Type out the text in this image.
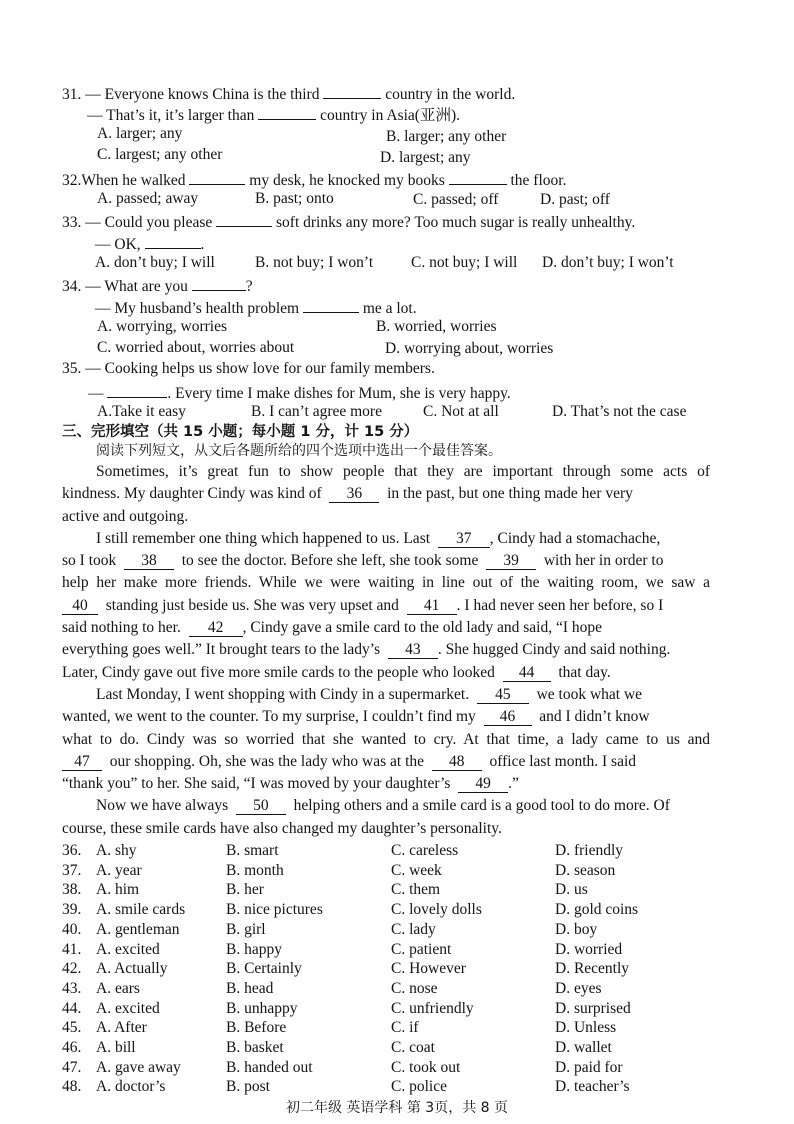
31. — Everyone knows China is the third	country in the world.
— That’s it, it’s larger than	country in Asia(亚洲).
A. larger; any	B. larger; any other
C. largest; any other	D. largest; any
32.When he walked	my desk, he knocked my books	the floor.
A. passed; away	B. past; onto	C. passed; off	D. past; off
33. — Could you please	soft drinks any more? Too much sugar is really unhealthy.
— OK,	.
A. don’t buy; I will	B. not buy; I won’t C. not buy; I will D. don’t buy; I won’t
34. — What are you	?
— My husband’s health problem	me a lot.
A. worrying, worries	B. worried, worries
C. worried about, worries about	D. worrying about, worries
35. — Cooking helps us show love for our family members.
—	. Every time I make dishes for Mum, she is very happy.
A.Take it easy	B. I can’t agree more	C. Not at all	D. That’s not the case
三、完形填空（共 15 小题；每小题 1 分，计 15 分）
阅读下列短文，从文后各题所给的四个选项中选出一个最佳答案。
Sometimes, it’s great fun to show people that they are important through some acts of
kindness. My daughter Cindy was kind of 36 in the past, but one thing made her very
active and outgoing.
I still remember one thing which happened to us. Last 37 , Cindy had a stomachache,
so I took 38 to see the doctor. Before she left, she took some 39 with her in order to
help her make more friends. While we were waiting in line out of the waiting room, we saw a
40 standing just beside us. She was very upset and 41 . I had never seen her before, so I
said nothing to her. 42 , Cindy gave a smile card to the old lady and said, “I hope
everything goes well.” It brought tears to the lady’s 43 . She hugged Cindy and said nothing.
Later, Cindy gave out five more smile cards to the people who looked 44 that day.
Last Monday, I went shopping with Cindy in a supermarket. 45 we took what we
wanted, we went to the counter. To my surprise, I couldn’t find my 46 and I didn’t know
what to do. Cindy was so worried that she wanted to cry. At that time, a lady came to us and
47 our shopping. Oh, she was the lady who was at the 48 office last month. I said
“thank you” to her. She said, “I was moved by your daughter’s 49 .”
Now we have always 50 helping others and a smile card is a good tool to do more. Of
course, these smile cards have also changed my daughter’s personality.
36. A. shy	B. smart	C. careless	D. friendly
37. A. year	B. month	C. week	D. season
38. A. him	B. her	C. them	D. us
39. A. smile cards	B. nice pictures	C. lovely dolls	D. gold coins
40. A. gentleman	B. girl	C. lady	D. boy
41. A. excited	B. happy	C. patient	D. worried
42. A. Actually	B. Certainly	C. However	D. Recently
43. A. ears	B. head	C. nose	D. eyes
44. A. excited	B. unhappy	C. unfriendly	D. surprised
45. A. After	B. Before	C. if	D. Unless
46. A. bill	B. basket	C. coat	D. wallet
47. A. gave away	B. handed out	C. took out	D. paid for
48. A. doctor’s	B. post	C. police	D. teacher’s
初二年级 英语学科 第 3页，共 8 页
